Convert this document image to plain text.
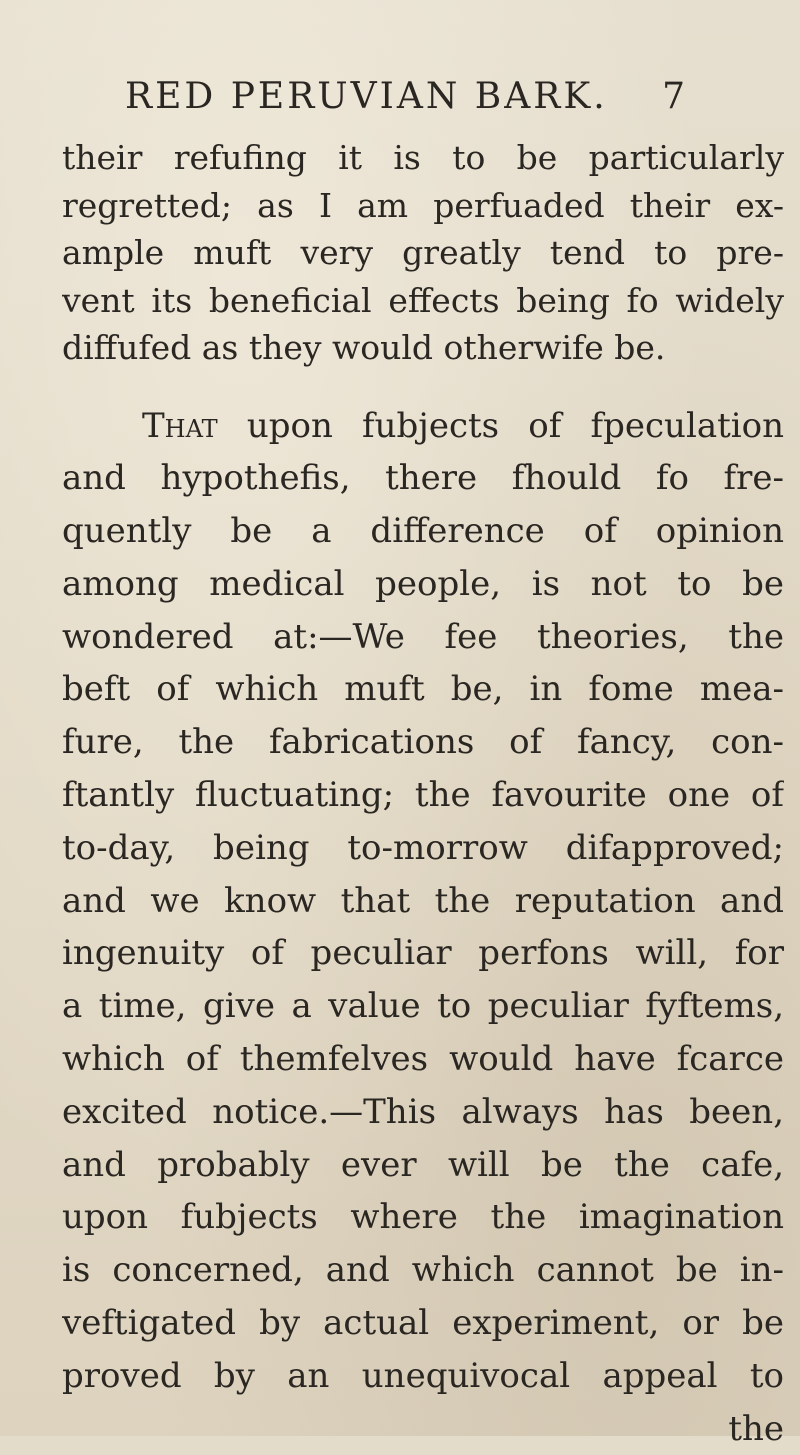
RED PERUVIAN BARK. 7
their refufing it is to be particularly
regretted; as I am perfuaded their ex-
ample muft very greatly tend to pre-
vent its beneficial effects being fo widely
diffufed as they would otherwife be.
That upon fubjects of fpeculation
and hypothefis, there fhould fo fre-
quently be a difference of opinion
among medical people, is not to be
wondered at:—We fee theories, the
beft of which muft be, in fome mea-
fure, the fabrications of fancy, con-
ftantly fluctuating; the favourite one of
to-day, being to-morrow difapproved;
and we know that the reputation and
ingenuity of peculiar perfons will, for
a time, give a value to peculiar fyftems,
which of themfelves would have fcarce
excited notice.—This always has been,
and probably ever will be the cafe,
upon fubjects where the imagination
is concerned, and which cannot be in-
veftigated by actual experiment, or be
proved by an unequivocal appeal to
the
